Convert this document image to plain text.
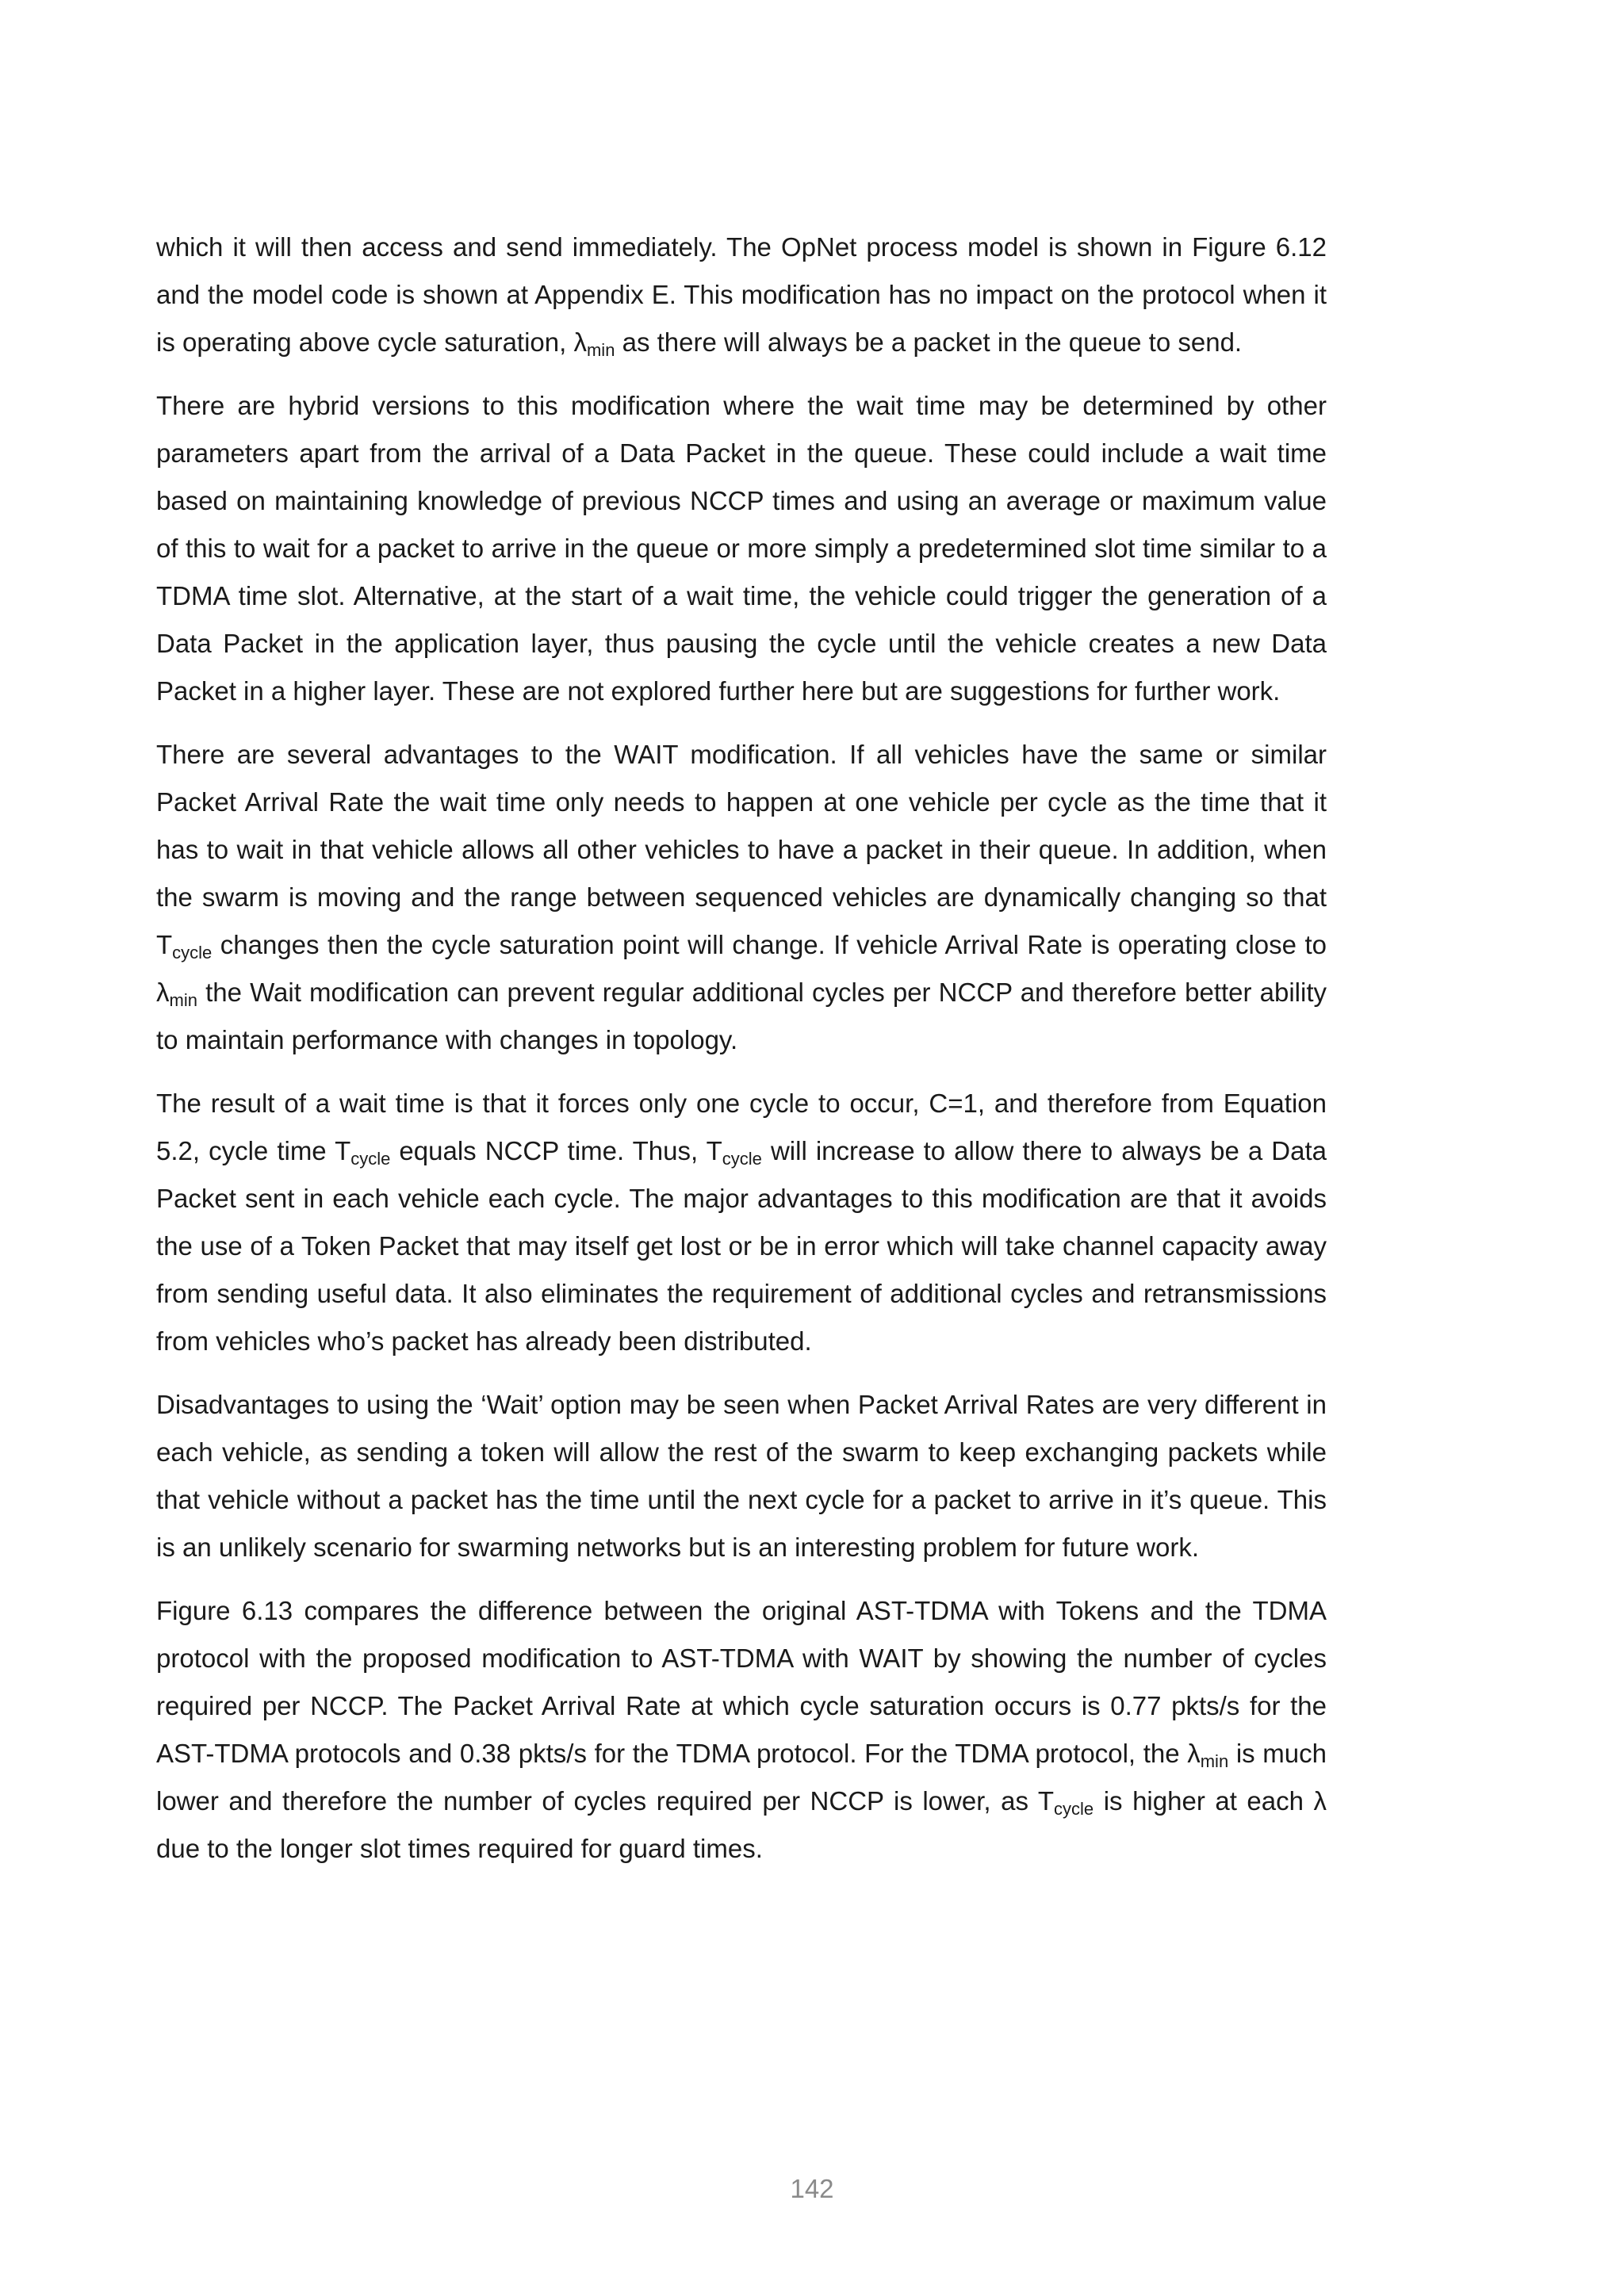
which it will then access and send immediately. The OpNet process model is shown in Figure 6.12 and the model code is shown at Appendix E. This modification has no impact on the protocol when it is operating above cycle saturation, $\lambda_{min}$ as there will always be a packet in the queue to send.

There are hybrid versions to this modification where the wait time may be determined by other parameters apart from the arrival of a Data Packet in the queue. These could include a wait time based on maintaining knowledge of previous NCCP times and using an average or maximum value of this to wait for a packet to arrive in the queue or more simply a predetermined slot time similar to a TDMA time slot. Alternative, at the start of a wait time, the vehicle could trigger the generation of a Data Packet in the application layer, thus pausing the cycle until the vehicle creates a new Data Packet in a higher layer. These are not explored further here but are suggestions for further work.

There are several advantages to the WAIT modification. If all vehicles have the same or similar Packet Arrival Rate the wait time only needs to happen at one vehicle per cycle as the time that it has to wait in that vehicle allows all other vehicles to have a packet in their queue. In addition, when the swarm is moving and the range between sequenced vehicles are dynamically changing so that $T_{cycle}$ changes then the cycle saturation point will change. If vehicle Arrival Rate is operating close to $\lambda_{min}$ the Wait modification can prevent regular additional cycles per NCCP and therefore better ability to maintain performance with changes in topology.

The result of a wait time is that it forces only one cycle to occur, C=1, and therefore from Equation 5.2, cycle time $T_{cycle}$ equals NCCP time. Thus, $T_{cycle}$ will increase to allow there to always be a Data Packet sent in each vehicle each cycle. The major advantages to this modification are that it avoids the use of a Token Packet that may itself get lost or be in error which will take channel capacity away from sending useful data. It also eliminates the requirement of additional cycles and retransmissions from vehicles who’s packet has already been distributed.

Disadvantages to using the ‘Wait’ option may be seen when Packet Arrival Rates are very different in each vehicle, as sending a token will allow the rest of the swarm to keep exchanging packets while that vehicle without a packet has the time until the next cycle for a packet to arrive in it’s queue. This is an unlikely scenario for swarming networks but is an interesting problem for future work.

Figure 6.13 compares the difference between the original AST-TDMA with Tokens and the TDMA protocol with the proposed modification to AST-TDMA with WAIT by showing the number of cycles required per NCCP. The Packet Arrival Rate at which cycle saturation occurs is 0.77 pkts/s for the AST-TDMA protocols and 0.38 pkts/s for the TDMA protocol. For the TDMA protocol, the $\lambda_{min}$ is much lower and therefore the number of cycles required per NCCP is lower, as $T_{cycle}$ is higher at each λ due to the longer slot times required for guard times.

142
